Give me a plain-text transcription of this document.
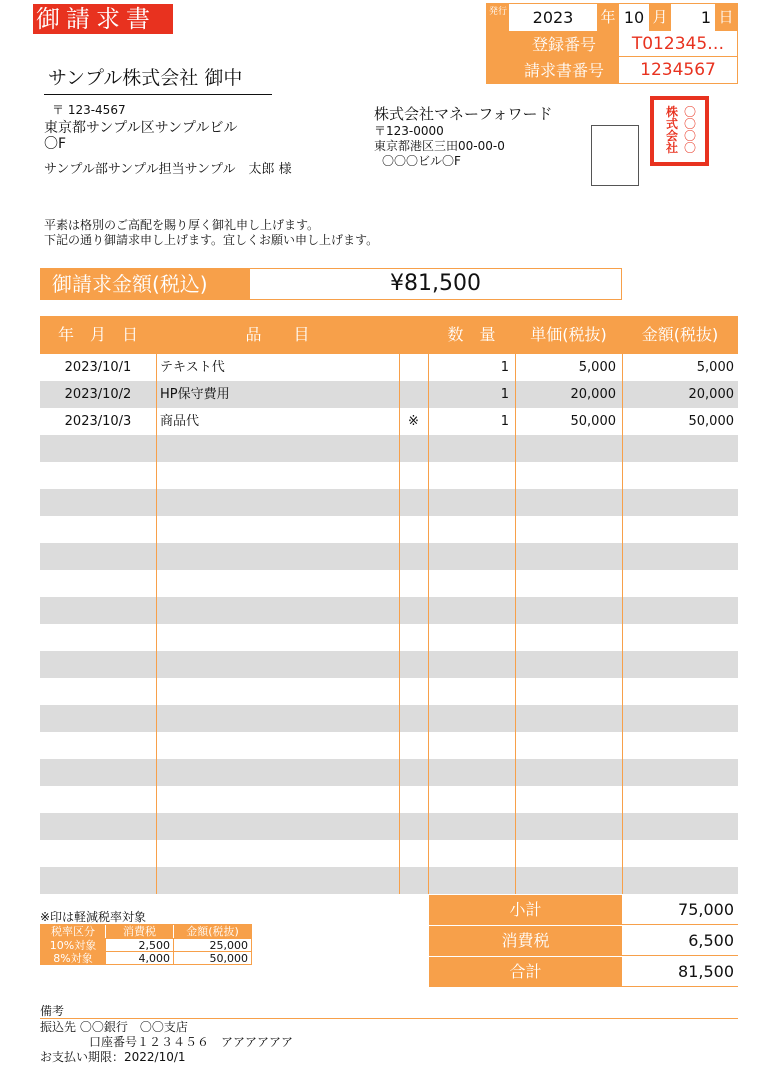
御請求書	発行	2023	年 10 月	1 日
登録番号	T012345…
請求書番号	1234567
サンプル株式会社 御中
〒 123-4567
東京都サンプル区サンプルビル
〇F
サンプル部サンプル担当サンプル　太郎 様
株式会社マネーフォワード
〒123-0000
東京都港区三田00-00-0
〇〇〇ビル〇F
株
式
会
社
〇
〇
〇
〇
平素は格別のご高配を賜り厚く御礼申し上げます。
下記の通り御請求申し上げます。宜しくお願い申し上げます。
御請求金額(税込)	¥81,500
年　月　日	品　　目	数　量	単価(税抜)	金額(税抜)
2023/10/1	テキスト代	1	5,000	5,000
2023/10/2	HP保守費用	1	20,000	20,000
2023/10/3	商品代	※	1	50,000	50,000
※印は軽減税率対象
税率区分	消費税	金額(税抜)
10%対象	2,500	25,000
8%対象	4,000	50,000
小計	75,000
消費税	6,500
合計	81,500
備考
振込先 〇〇銀行　〇〇支店
口座番号１２３４５６　アアアアアア
お支払い期限：2022/10/1
